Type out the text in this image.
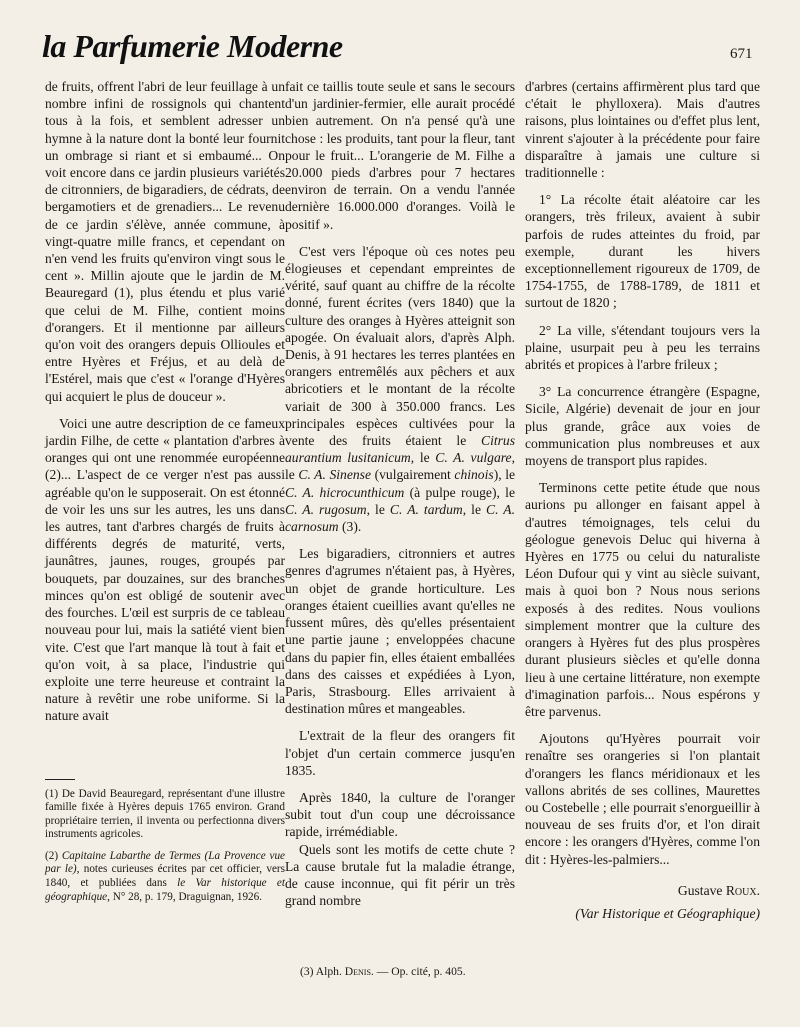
la Parfumerie Moderne	671

de fruits, offrent l'abri de leur feuillage à un nombre infini de rossignols qui chantent tous à la fois, et semblent adresser un hymne à la nature dont la bonté leur fournit un ombrage si riant et si embaumé... On voit encore dans ce jardin plusieurs variétés de citronniers, de bigaradiers, de cédrats, de bergamotiers et de grenadiers... Le revenu de ce jardin s'élève, année commune, à vingt-quatre mille francs, et cependant on n'en vend les fruits qu'environ vingt sous le cent ». Millin ajoute que le jardin de M. Beauregard (1), plus étendu et plus varié que celui de M. Filhe, contient moins d'orangers. Et il mentionne par ailleurs qu'on voit des orangers depuis Ollioules et entre Hyères et Fréjus, et au delà de l'Estérel, mais que c'est « l'orange d'Hyères qui acquiert le plus de douceur ».

Voici une autre description de ce fameux jardin Filhe, de cette « plantation d'arbres à oranges qui ont une renommée européenne (2)... L'aspect de ce verger n'est pas aussi agréable qu'on le supposerait. On est étonné de voir les uns sur les autres, les uns dans les autres, tant d'arbres chargés de fruits à différents degrés de maturité, verts, jaunâtres, jaunes, rouges, groupés par bouquets, par douzaines, sur des branches minces qu'on est obligé de soutenir avec des fourches. L'œil est surpris de ce tableau nouveau pour lui, mais la satiété vient bien vite. C'est que l'art manque là tout à fait et qu'on voit, à sa place, l'industrie qui exploite une terre heureuse et contraint la nature à revêtir une robe uniforme. Si la nature avait

(1) De David Beauregard, représentant d'une illustre famille fixée à Hyères depuis 1765 environ. Grand propriétaire terrien, il inventa ou perfectionna divers instruments agricoles.

(2) Capitaine Labarthe de Termes (La Provence vue par le), notes curieuses écrites par cet officier, vers 1840, et publiées dans le Var historique et géographique, N° 28, p. 179, Draguignan, 1926.

fait ce taillis toute seule et sans le secours d'un jardinier-fermier, elle aurait procédé bien autrement. On n'a pensé qu'à une chose : les produits, tant pour la fleur, tant pour le fruit... L'orangerie de M. Filhe a 20.000 pieds d'arbres pour 7 hectares environ de terrain. On a vendu l'année dernière 16.000.000 d'oranges. Voilà le positif ».

C'est vers l'époque où ces notes peu élogieuses et cependant empreintes de vérité, sauf quant au chiffre de la récolte donné, furent écrites (vers 1840) que la culture des oranges à Hyères atteignit son apogée. On évaluait alors, d'après Alph. Denis, à 91 hectares les terres plantées en orangers entremêlés aux pêchers et aux abricotiers et le montant de la récolte variait de 300 à 350.000 francs. Les principales espèces cultivées pour la vente des fruits étaient le Citrus aurantium lusitanicum, le C. A. vulgare, le C. A. Sinense (vulgairement chinois), le C. A. hicrocunthicum (à pulpe rouge), le C. A. rugosum, le C. A. tardum, le C. A. carnosum (3).

Les bigaradiers, citronniers et autres genres d'agrumes n'étaient pas, à Hyères, un objet de grande horticulture. Les oranges étaient cueillies avant qu'elles ne fussent mûres, dès qu'elles présentaient une partie jaune ; enveloppées chacune dans du papier fin, elles étaient emballées dans des caisses et expédiées à Lyon, Paris, Strasbourg. Elles arrivaient à destination mûres et mangeables.

L'extrait de la fleur des orangers fit l'objet d'un certain commerce jusqu'en 1835.

Après 1840, la culture de l'oranger subit tout d'un coup une décroissance rapide, irrémédiable.

Quels sont les motifs de cette chute ? La cause brutale fut la maladie étrange, de cause inconnue, qui fit périr un très grand nombre

(3) Alph. Denis. — Op. cité, p. 405.

d'arbres (certains affirmèrent plus tard que c'était le phylloxera). Mais d'autres raisons, plus lointaines ou d'effet plus lent, vinrent s'ajouter à la précédente pour faire disparaître à jamais une culture si traditionnelle :

1° La récolte était aléatoire car les orangers, très frileux, avaient à subir parfois de rudes atteintes du froid, par exemple, durant les hivers exceptionnellement rigoureux de 1709, de 1754-1755, de 1788-1789, de 1811 et surtout de 1820 ;

2° La ville, s'étendant toujours vers la plaine, usurpait peu à peu les terrains abrités et propices à l'arbre frileux ;

3° La concurrence étrangère (Espagne, Sicile, Algérie) devenait de jour en jour plus grande, grâce aux voies de communication plus nombreuses et aux moyens de transport plus rapides.

Terminons cette petite étude que nous aurions pu allonger en faisant appel à d'autres témoignages, tels celui du géologue genevois Deluc qui hiverna à Hyères en 1775 ou celui du naturaliste Léon Dufour qui y vint au siècle suivant, mais à quoi bon ? Nous nous serions exposés à des redites. Nous voulions simplement montrer que la culture des orangers à Hyères fut des plus prospères durant plusieurs siècles et qu'elle donna lieu à une certaine littérature, non exempte d'imagination parfois... Nous espérons y être parvenus.

Ajoutons qu'Hyères pourrait voir renaître ses orangeries si l'on plantait d'orangers les flancs méridionaux et les vallons abrités de ses collines, Maurettes ou Costebelle ; elle pourrait s'enorgueillir à nouveau de ses fruits d'or, et l'on dirait encore : les orangers d'Hyères, comme l'on dit : Hyères-les-palmiers...

Gustave Roux.

(Var Historique et Géographique)
